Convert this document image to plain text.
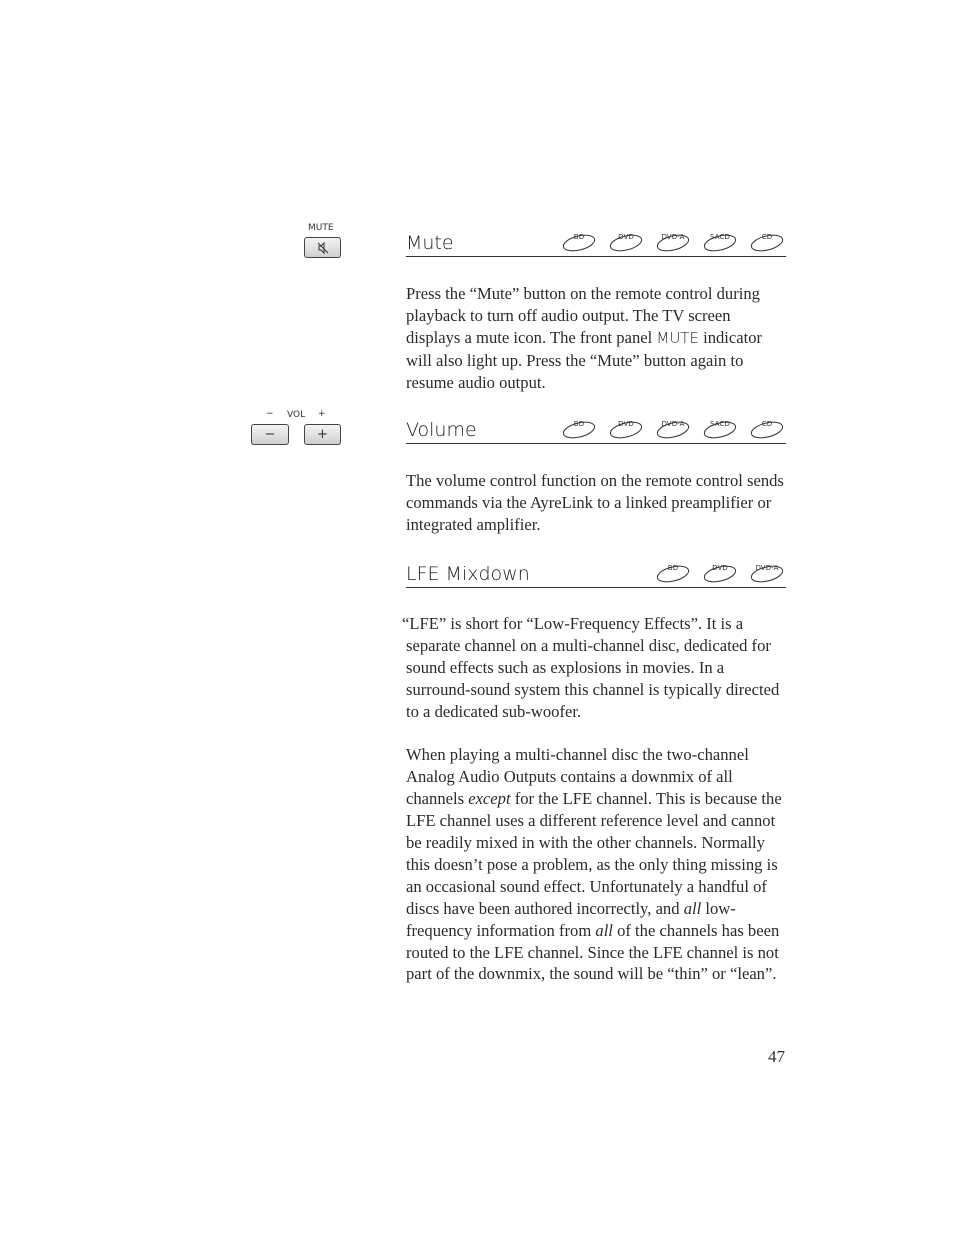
MUTE
− VOL +
−	+
Mute	BD	DVD	DVD-A	SACD	CD

Press the “Mute” button on the remote control during playback to turn off audio output. The TV screen displays a mute icon. The front panel MUTE indicator will also light up. Press the “Mute” button again to resume audio output.

Volume	BD	DVD	DVD-A	SACD	CD

The volume control function on the remote control sends commands via the AyreLink to a linked preamplifier or integrated amplifier.

LFE Mixdown	BD	DVD	DVD-A

“LFE” is short for “Low-Frequency Effects”. It is a separate channel on a multi-channel disc, dedicated for sound effects such as explosions in movies. In a surround-sound system this channel is typically directed to a dedicated sub-woofer.

When playing a multi-channel disc the two-channel Analog Audio Outputs contains a downmix of all channels except for the LFE channel. This is because the LFE channel uses a different reference level and cannot be readily mixed in with the other channels. Normally this doesn’t pose a problem, as the only thing missing is an occasional sound effect. Unfortunately a handful of discs have been authored incorrectly, and all low-frequency information from all of the channels has been routed to the LFE channel. Since the LFE channel is not part of the downmix, the sound will be “thin” or “lean”.

47
